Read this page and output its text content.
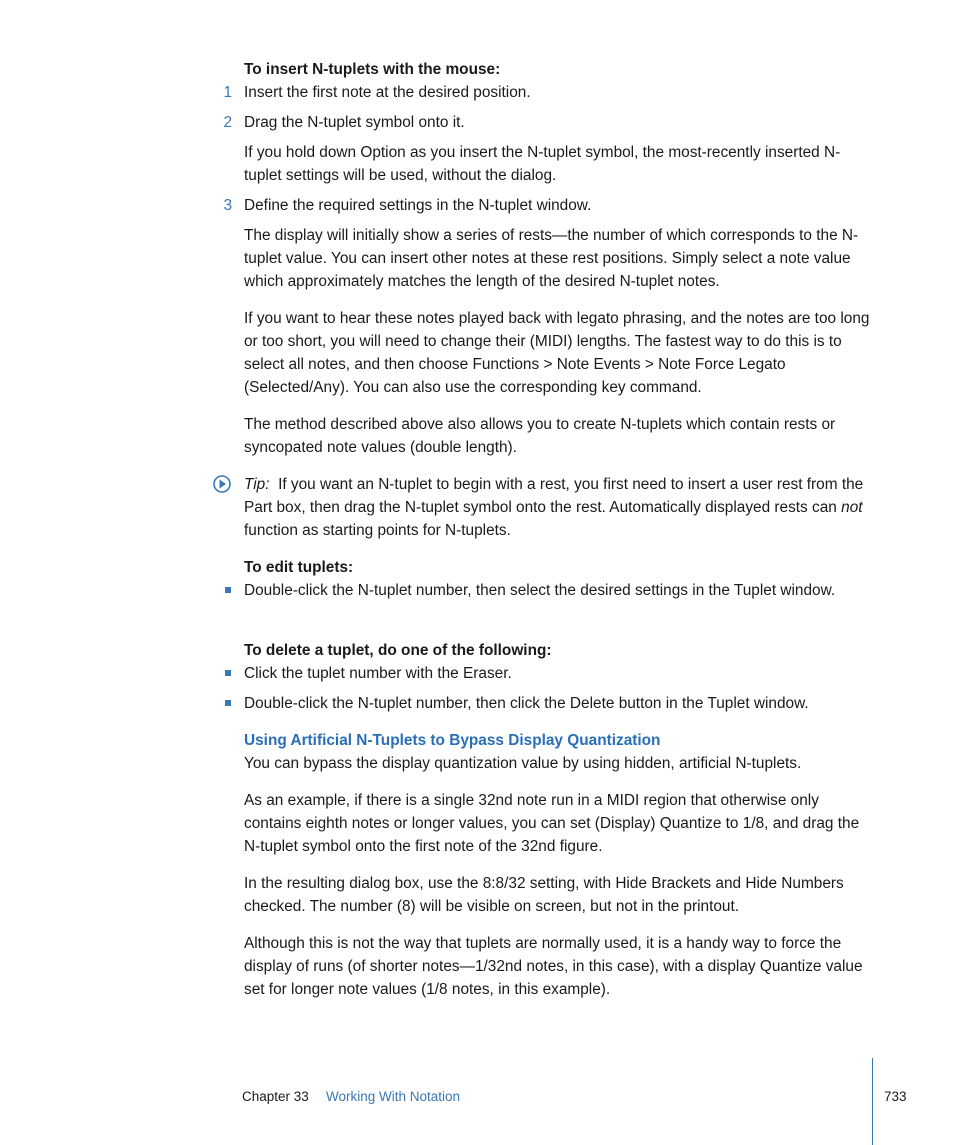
To insert N-tuplets with the mouse:

1 Insert the first note at the desired position.

2 Drag the N-tuplet symbol onto it.

If you hold down Option as you insert the N-tuplet symbol, the most-recently inserted N-tuplet settings will be used, without the dialog.

3 Define the required settings in the N-tuplet window.

The display will initially show a series of rests—the number of which corresponds to the N-tuplet value. You can insert other notes at these rest positions. Simply select a note value which approximately matches the length of the desired N-tuplet notes.

If you want to hear these notes played back with legato phrasing, and the notes are too long or too short, you will need to change their (MIDI) lengths. The fastest way to do this is to select all notes, and then choose Functions > Note Events > Note Force Legato (Selected/Any). You can also use the corresponding key command.

The method described above also allows you to create N-tuplets which contain rests or syncopated note values (double length).

Tip: If you want an N-tuplet to begin with a rest, you first need to insert a user rest from the Part box, then drag the N-tuplet symbol onto the rest. Automatically displayed rests can not function as starting points for N-tuplets.

To edit tuplets:

Double-click the N-tuplet number, then select the desired settings in the Tuplet window.

To delete a tuplet, do one of the following:

Click the tuplet number with the Eraser.

Double-click the N-tuplet number, then click the Delete button in the Tuplet window.

Using Artificial N-Tuplets to Bypass Display Quantization

You can bypass the display quantization value by using hidden, artificial N-tuplets.

As an example, if there is a single 32nd note run in a MIDI region that otherwise only contains eighth notes or longer values, you can set (Display) Quantize to 1/8, and drag the N-tuplet symbol onto the first note of the 32nd figure.

In the resulting dialog box, use the 8:8/32 setting, with Hide Brackets and Hide Numbers checked. The number (8) will be visible on screen, but not in the printout.

Although this is not the way that tuplets are normally used, it is a handy way to force the display of runs (of shorter notes—1/32nd notes, in this case), with a display Quantize value set for longer note values (1/8 notes, in this example).

Chapter 33 Working With Notation	733
